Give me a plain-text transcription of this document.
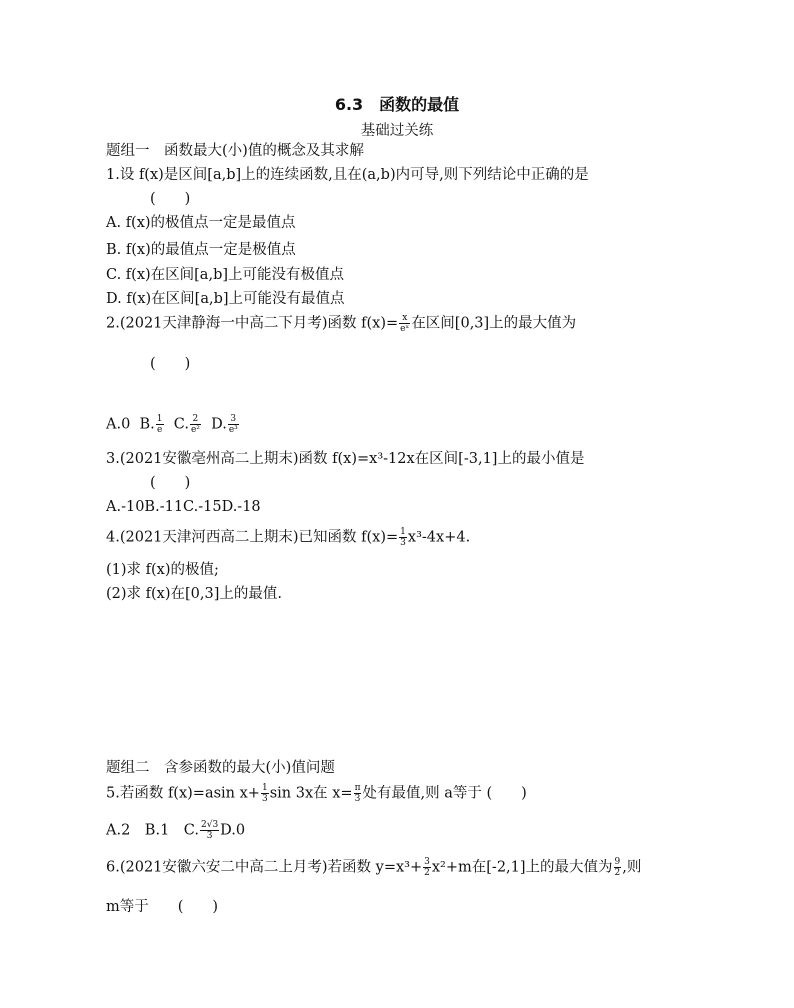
6.3　函数的最值
基础过关练
题组一　函数最大(小)值的概念及其求解
1.设 f(x)是区间[a,b]上的连续函数,且在(a,b)内可导,则下列结论中正确的是
(　　)
A. f(x)的极值点一定是最值点
B. f(x)的最值点一定是极值点
C. f(x)在区间[a,b]上可能没有极值点
D. f(x)在区间[a,b]上可能没有最值点
2.(2021天津静海一中高二下月考)函数 $f(x)= \frac{x}{\text{eˣ}}$ 在区间[0,3]上的最大值为
(　　)
A.0 B. $\frac{1}{e} C$. $\frac{2}{\text{e²}} D$. $\frac{3}{\text{e³}}$
3.(2021安徽亳州高二上期末)函数 f(x)=x³-12x在区间[-3,1]上的最小值是
(　　)
A.-10B.-11C.-15D.-18
4.(2021天津河西高二上期末)已知函数 $f(x)= \frac{1}{3} x^3-4x+4$.
(1)求 f(x)的极值;
(2)求 f(x)在[0,3]上的最值.
题组二　含参函数的最大(小)值问题
5.若函数 f(x)=asin $x+ \frac{1}{3}$ sin 3x在 $x= \frac{\pi}{3}$ 处有最值,则 a等于 (　　)
A.2　B.1　C. $\frac{2√3}{3} D.0$
6.(2021安徽六安二中高二上月考)若函数 $y=x^3+ \frac{3}{2} x^2+m$在[-2,1]上的最大值为 $\frac{9}{2}$ ,则
m等于　　(　　)
